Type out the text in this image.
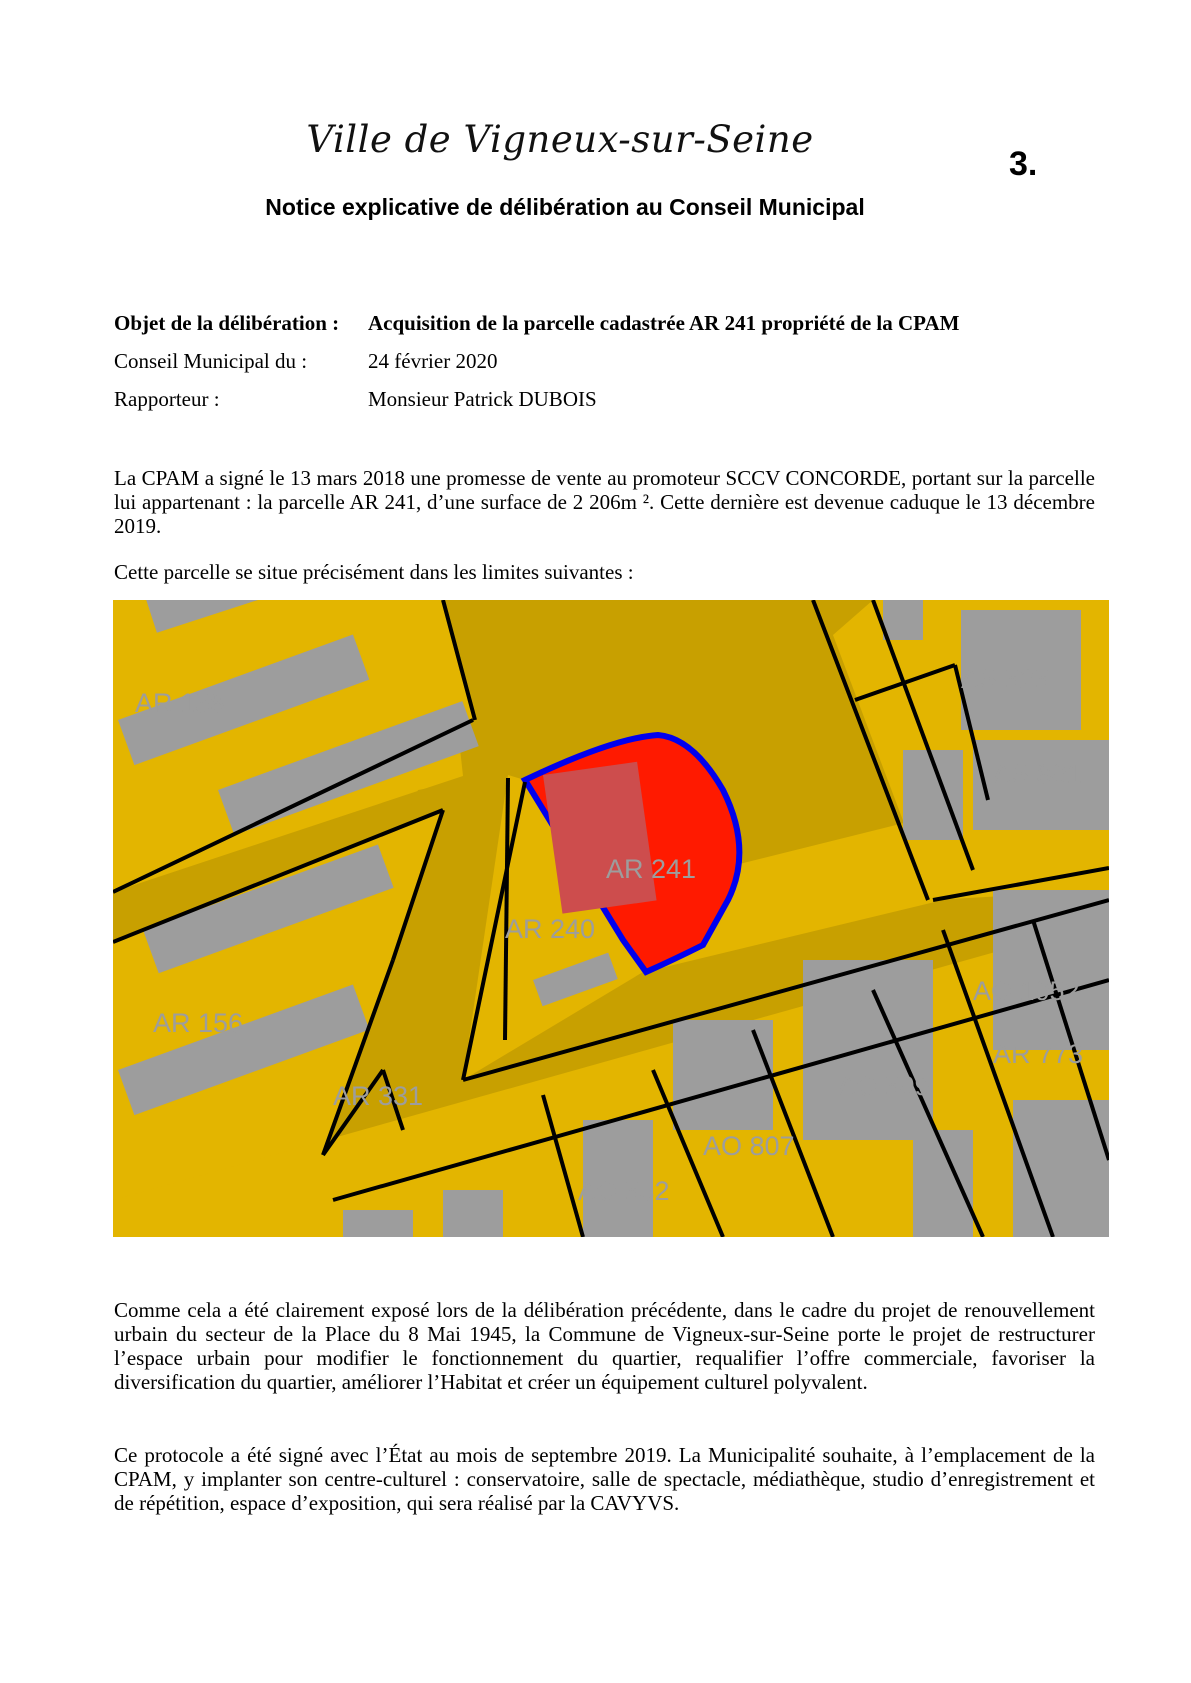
Ville de Vigneux-sur-Seine
3.
Notice explicative de délibération au Conseil Municipal
Objet de la délibération : Acquisition de la parcelle cadastrée AR 241 propriété de la CPAM
Conseil Municipal du :	24 février 2020
Rapporteur :	Monsieur Patrick DUBOIS

La CPAM a signé le 13 mars 2018 une promesse de vente au promoteur SCCV CONCORDE, portant sur la parcelle lui appartenant : la parcelle AR 241, d’une surface de 2 206m ². Cette dernière est devenue caduque le 13 décembre 2019.

Cette parcelle se situe précisément dans les limites suivantes :

AR 158
AR 156
AR 240
AR 241
AR 331
AS 525
AS 801
AO 509
AO 807
AO 532
AO 1052
AR 773

Comme cela a été clairement exposé lors de la délibération précédente, dans le cadre du projet de renouvellement urbain du secteur de la Place du 8 Mai 1945, la Commune de Vigneux-sur-Seine porte le projet de restructurer l’espace urbain pour modifier le fonctionnement du quartier, requalifier l’offre commerciale, favoriser la diversification du quartier, améliorer l’Habitat et créer un équipement culturel polyvalent.

Ce protocole a été signé avec l’État au mois de septembre 2019. La Municipalité souhaite, à l’emplacement de la CPAM, y implanter son centre-culturel : conservatoire, salle de spectacle, médiathèque, studio d’enregistrement et de répétition, espace d’exposition, qui sera réalisé par la CAVYVS.
